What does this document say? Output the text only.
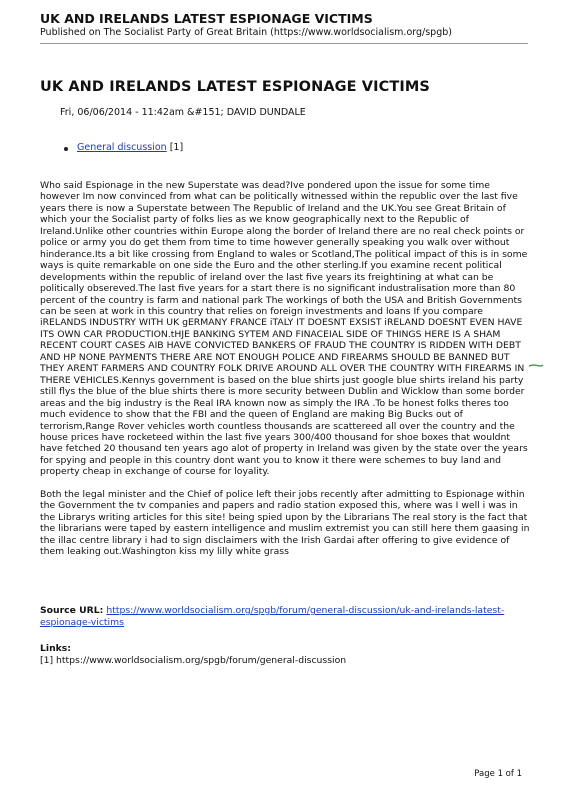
UK AND IRELANDS LATEST ESPIONAGE VICTIMS
Published on The Socialist Party of Great Britain (https://www.worldsocialism.org/spgb)
UK AND IRELANDS LATEST ESPIONAGE VICTIMS
Fri, 06/06/2014 - 11:42am &#151; DAVID DUNDALE
General discussion [1]

Who said Espionage in the new Superstate was dead?Ive pondered upon the issue for some time however Im now convinced from what can be politically witnessed within the republic over the last five years there is now a Superstate between The Republic of Ireland and the UK.You see Great Britain of which your the Socialist party of folks lies as we know geographically next to the Republic of Ireland.Unlike other countries within Europe along the border of Ireland there are no real check points or police or army you do get them from time to time however generally speaking you walk over without hinderance.Its a bit like crossing from England to wales or Scotland,The political impact of this is in some ways is quite remarkable on one side the Euro and the other sterling.If you examine recent political developments within the republic of ireland over the last five years its freightining at what can be politically obsereved.The last five years for a start there is no significant industralisation more than 80 percent of the country is farm and national park The workings of both the USA and British Governments can be seen at work in this country that relies on foreign investments and loans If you compare iRELANDS INDUSTRY WITH UK gERMANY FRANCE iTALY IT DOESNT EXSIST iRELAND DOESNT EVEN HAVE ITS OWN CAR PRODUCTION.tHJE BANKING SYTEM AND FINACEIAL SIDE OF THINGS HERE IS A SHAM RECENT COURT CASES AIB HAVE CONVICTED BANKERS OF FRAUD THE COUNTRY IS RIDDEN WITH DEBT AND HP NONE PAYMENTS THERE ARE NOT ENOUGH POLICE AND FIREARMS SHOULD BE BANNED BUT THEY ARENT FARMERS AND COUNTRY FOLK DRIVE AROUND ALL OVER THE COUNTRY WITH FIREARMS IN THERE VEHICLES.Kennys government is based on the blue shirts just google blue shirts ireland his party still flys the blue of the blue shirts there is more security between Dublin and Wicklow than some border areas and the big industry is the Real IRA known now as simply the IRA .To be honest folks theres too much evidence to show that the FBI and the queen of England are making Big Bucks out of terrorism,Range Rover vehicles worth countless thousands are scattereed all over the country and the house prices have rocketeed within the last five years 300/400 thousand for shoe boxes that wouldnt have fetched 20 thousand ten years ago alot of property in Ireland was given by the state over the years for spying and people in this country dont want you to know it there were schemes to buy land and property cheap in exchange of course for loyality.

Both the legal minister and the Chief of police left their jobs recently after admitting to Espionage within the Government the tv companies and papers and radio station exposed this, where was I well i was in the Librarys writing articles for this site! being spied upon by the Librarians The real story is the fact that the librarians were taped by eastern intelligence and muslim extremist you can still here them gaasing in the illac centre library i had to sign disclaimers with the Irish Gardai after offering to give evidence of them leaking out.Washington kiss my lilly white grass

Source URL: https://www.worldsocialism.org/spgb/forum/general-discussion/uk-and-irelands-latest-espionage-victims
Links:
[1] https://www.worldsocialism.org/spgb/forum/general-discussion
Page 1 of 1
